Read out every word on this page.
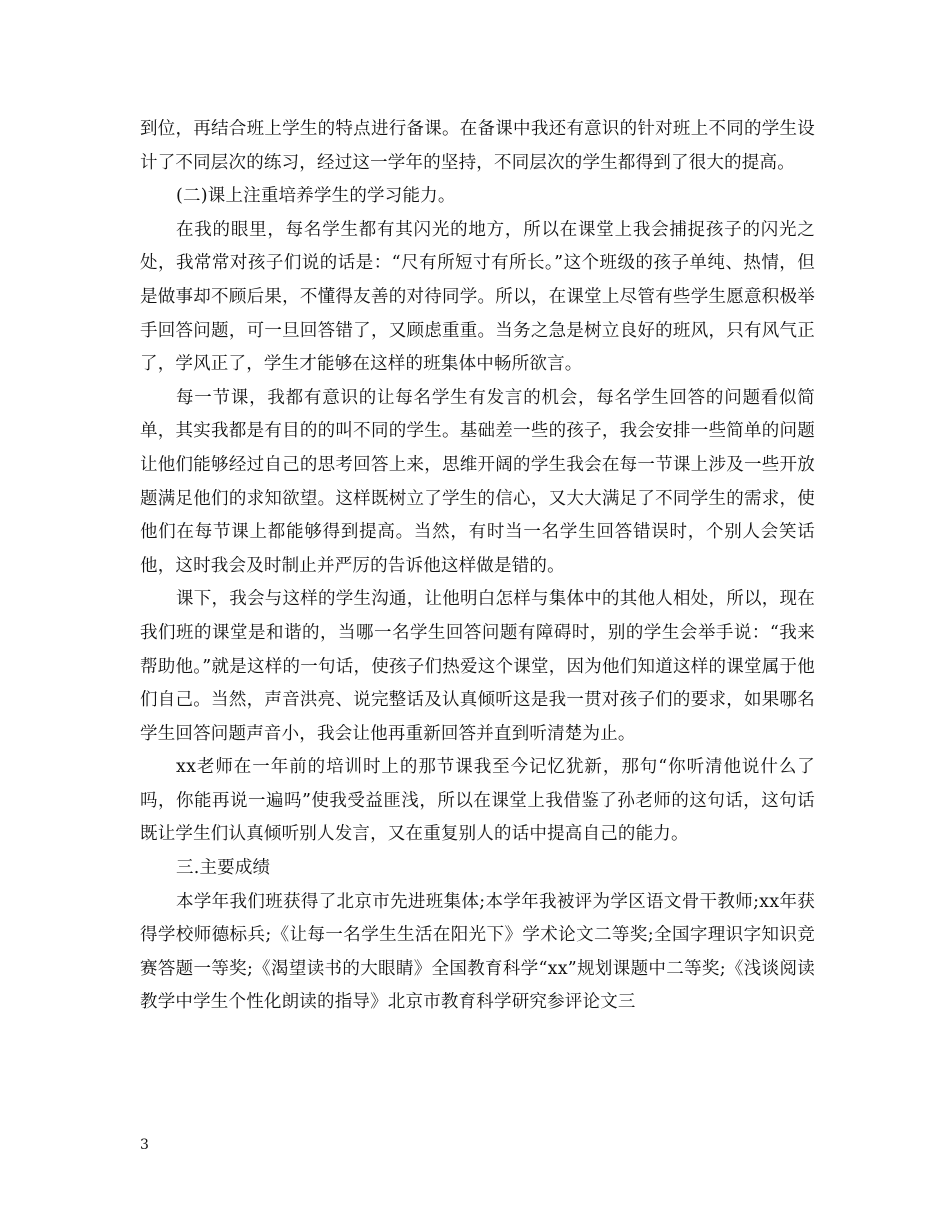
到位，再结合班上学生的特点进行备课。在备课中我还有意识的针对班上不同的学生设计了不同层次的练习，经过这一学年的坚持，不同层次的学生都得到了很大的提高。

(二)课上注重培养学生的学习能力。

在我的眼里，每名学生都有其闪光的地方，所以在课堂上我会捕捉孩子的闪光之处，我常常对孩子们说的话是：“尺有所短寸有所长。”这个班级的孩子单纯、热情，但是做事却不顾后果，不懂得友善的对待同学。所以，在课堂上尽管有些学生愿意积极举手回答问题，可一旦回答错了，又顾虑重重。当务之急是树立良好的班风，只有风气正了，学风正了，学生才能够在这样的班集体中畅所欲言。

每一节课，我都有意识的让每名学生有发言的机会，每名学生回答的问题看似简单，其实我都是有目的的叫不同的学生。基础差一些的孩子，我会安排一些简单的问题让他们能够经过自己的思考回答上来，思维开阔的学生我会在每一节课上涉及一些开放题满足他们的求知欲望。这样既树立了学生的信心，又大大满足了不同学生的需求，使他们在每节课上都能够得到提高。当然，有时当一名学生回答错误时，个别人会笑话他，这时我会及时制止并严厉的告诉他这样做是错的。

课下，我会与这样的学生沟通，让他明白怎样与集体中的其他人相处，所以，现在我们班的课堂是和谐的，当哪一名学生回答问题有障碍时，别的学生会举手说：“我来帮助他。”就是这样的一句话，使孩子们热爱这个课堂，因为他们知道这样的课堂属于他们自己。当然，声音洪亮、说完整话及认真倾听这是我一贯对孩子们的要求，如果哪名学生回答问题声音小，我会让他再重新回答并直到听清楚为止。

xx老师在一年前的培训时上的那节课我至今记忆犹新，那句“你听清他说什么了吗，你能再说一遍吗”使我受益匪浅，所以在课堂上我借鉴了孙老师的这句话，这句话既让学生们认真倾听别人发言，又在重复别人的话中提高自己的能力。

三.主要成绩

本学年我们班获得了北京市先进班集体;本学年我被评为学区语文骨干教师;xx年获得学校师德标兵;《让每一名学生生活在阳光下》学术论文二等奖;全国字理识字知识竞赛答题一等奖;《渴望读书的大眼睛》全国教育科学“xx”规划课题中二等奖;《浅谈阅读教学中学生个性化朗读的指导》北京市教育科学研究参评论文三

3
